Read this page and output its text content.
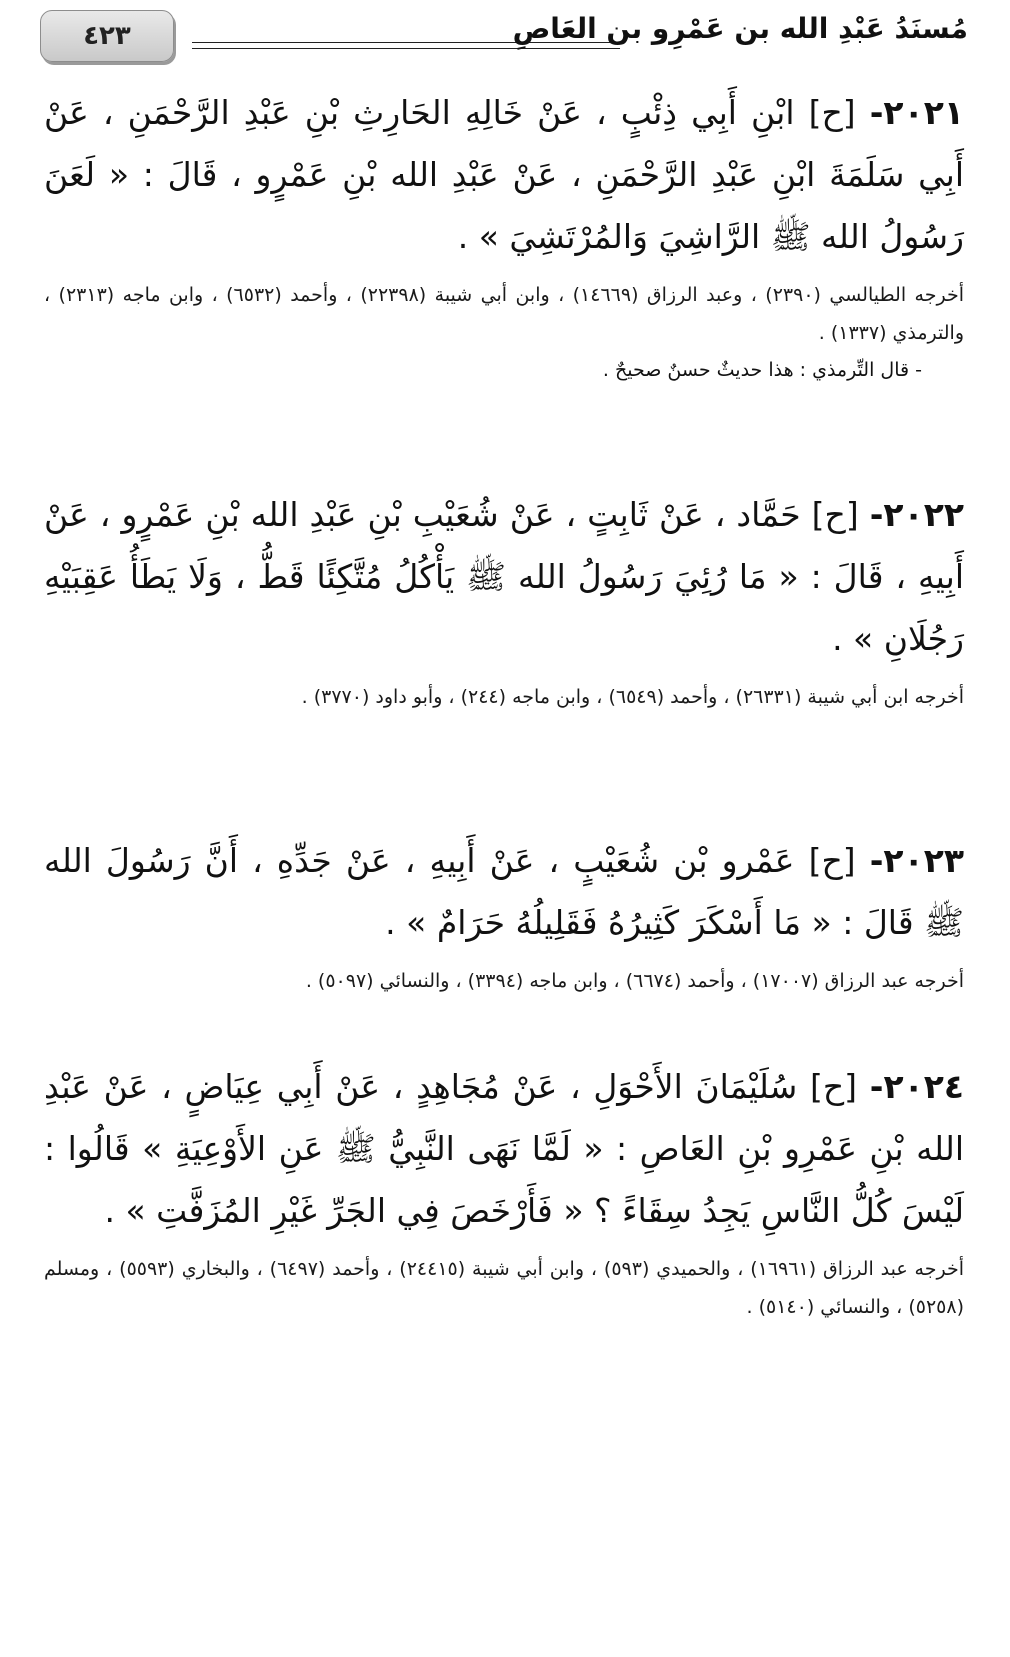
٤٢٣	مُسنَدُ عَبْدِ الله بن عَمْرِو بن العَاصِ
٢٠٢١- [ح] ابْنِ أَبِي ذِئْبٍ ، عَنْ خَالِهِ الحَارِثِ بْنِ عَبْدِ الرَّحْمَنِ ، عَنْ أَبِي سَلَمَةَ ابْنِ عَبْدِ الرَّحْمَنِ ، عَنْ عَبْدِ الله بْنِ عَمْرٍو ، قَالَ : « لَعَنَ رَسُولُ الله ﷺ الرَّاشِيَ وَالمُرْتَشِيَ » .
أخرجه الطيالسي (٢٣٩٠) ، وعبد الرزاق (١٤٦٦٩) ، وابن أبي شيبة (٢٢٣٩٨) ، وأحمد (٦٥٣٢) ، وابن ماجه (٢٣١٣) ، والترمذي (١٣٣٧) .
- قال التِّرمذي : هذا حديثٌ حسنٌ صحيحٌ .
٢٠٢٢- [ح] حَمَّاد ، عَنْ ثَابِتٍ ، عَنْ شُعَيْبِ بْنِ عَبْدِ الله بْنِ عَمْرٍو ، عَنْ أَبِيهِ ، قَالَ : « مَا رُئِيَ رَسُولُ الله ﷺ يَأْكُلُ مُتَّكِئًا قَطُّ ، وَلَا يَطَأُ عَقِبَيْهِ رَجُلَانِ » .
أخرجه ابن أبي شيبة (٢٦٣٣١) ، وأحمد (٦٥٤٩) ، وابن ماجه (٢٤٤) ، وأبو داود (٣٧٧٠) .
٢٠٢٣- [ح] عَمْرو بْن شُعَيْبٍ ، عَنْ أَبِيهِ ، عَنْ جَدِّهِ ، أَنَّ رَسُولَ الله ﷺ قَالَ : « مَا أَسْكَرَ كَثِيرُهُ فَقَلِيلُهُ حَرَامٌ » .
أخرجه عبد الرزاق (١٧٠٠٧) ، وأحمد (٦٦٧٤) ، وابن ماجه (٣٣٩٤) ، والنسائي (٥٠٩٧) .
٢٠٢٤- [ح] سُلَيْمَانَ الأَحْوَلِ ، عَنْ مُجَاهِدٍ ، عَنْ أَبِي عِيَاضٍ ، عَنْ عَبْدِ الله بْنِ عَمْرِو بْنِ العَاصِ : « لَمَّا نَهَى النَّبِيُّ ﷺ عَنِ الأَوْعِيَةِ » قَالُوا : لَيْسَ كُلُّ النَّاسِ يَجِدُ سِقَاءً ؟ « فَأَرْخَصَ فِي الجَرِّ غَيْرِ المُزَفَّتِ » .
أخرجه عبد الرزاق (١٦٩٦١) ، والحميدي (٥٩٣) ، وابن أبي شيبة (٢٤٤١٥) ، وأحمد (٦٤٩٧) ، والبخاري (٥٥٩٣) ، ومسلم (٥٢٥٨) ، والنسائي (٥١٤٠) .
